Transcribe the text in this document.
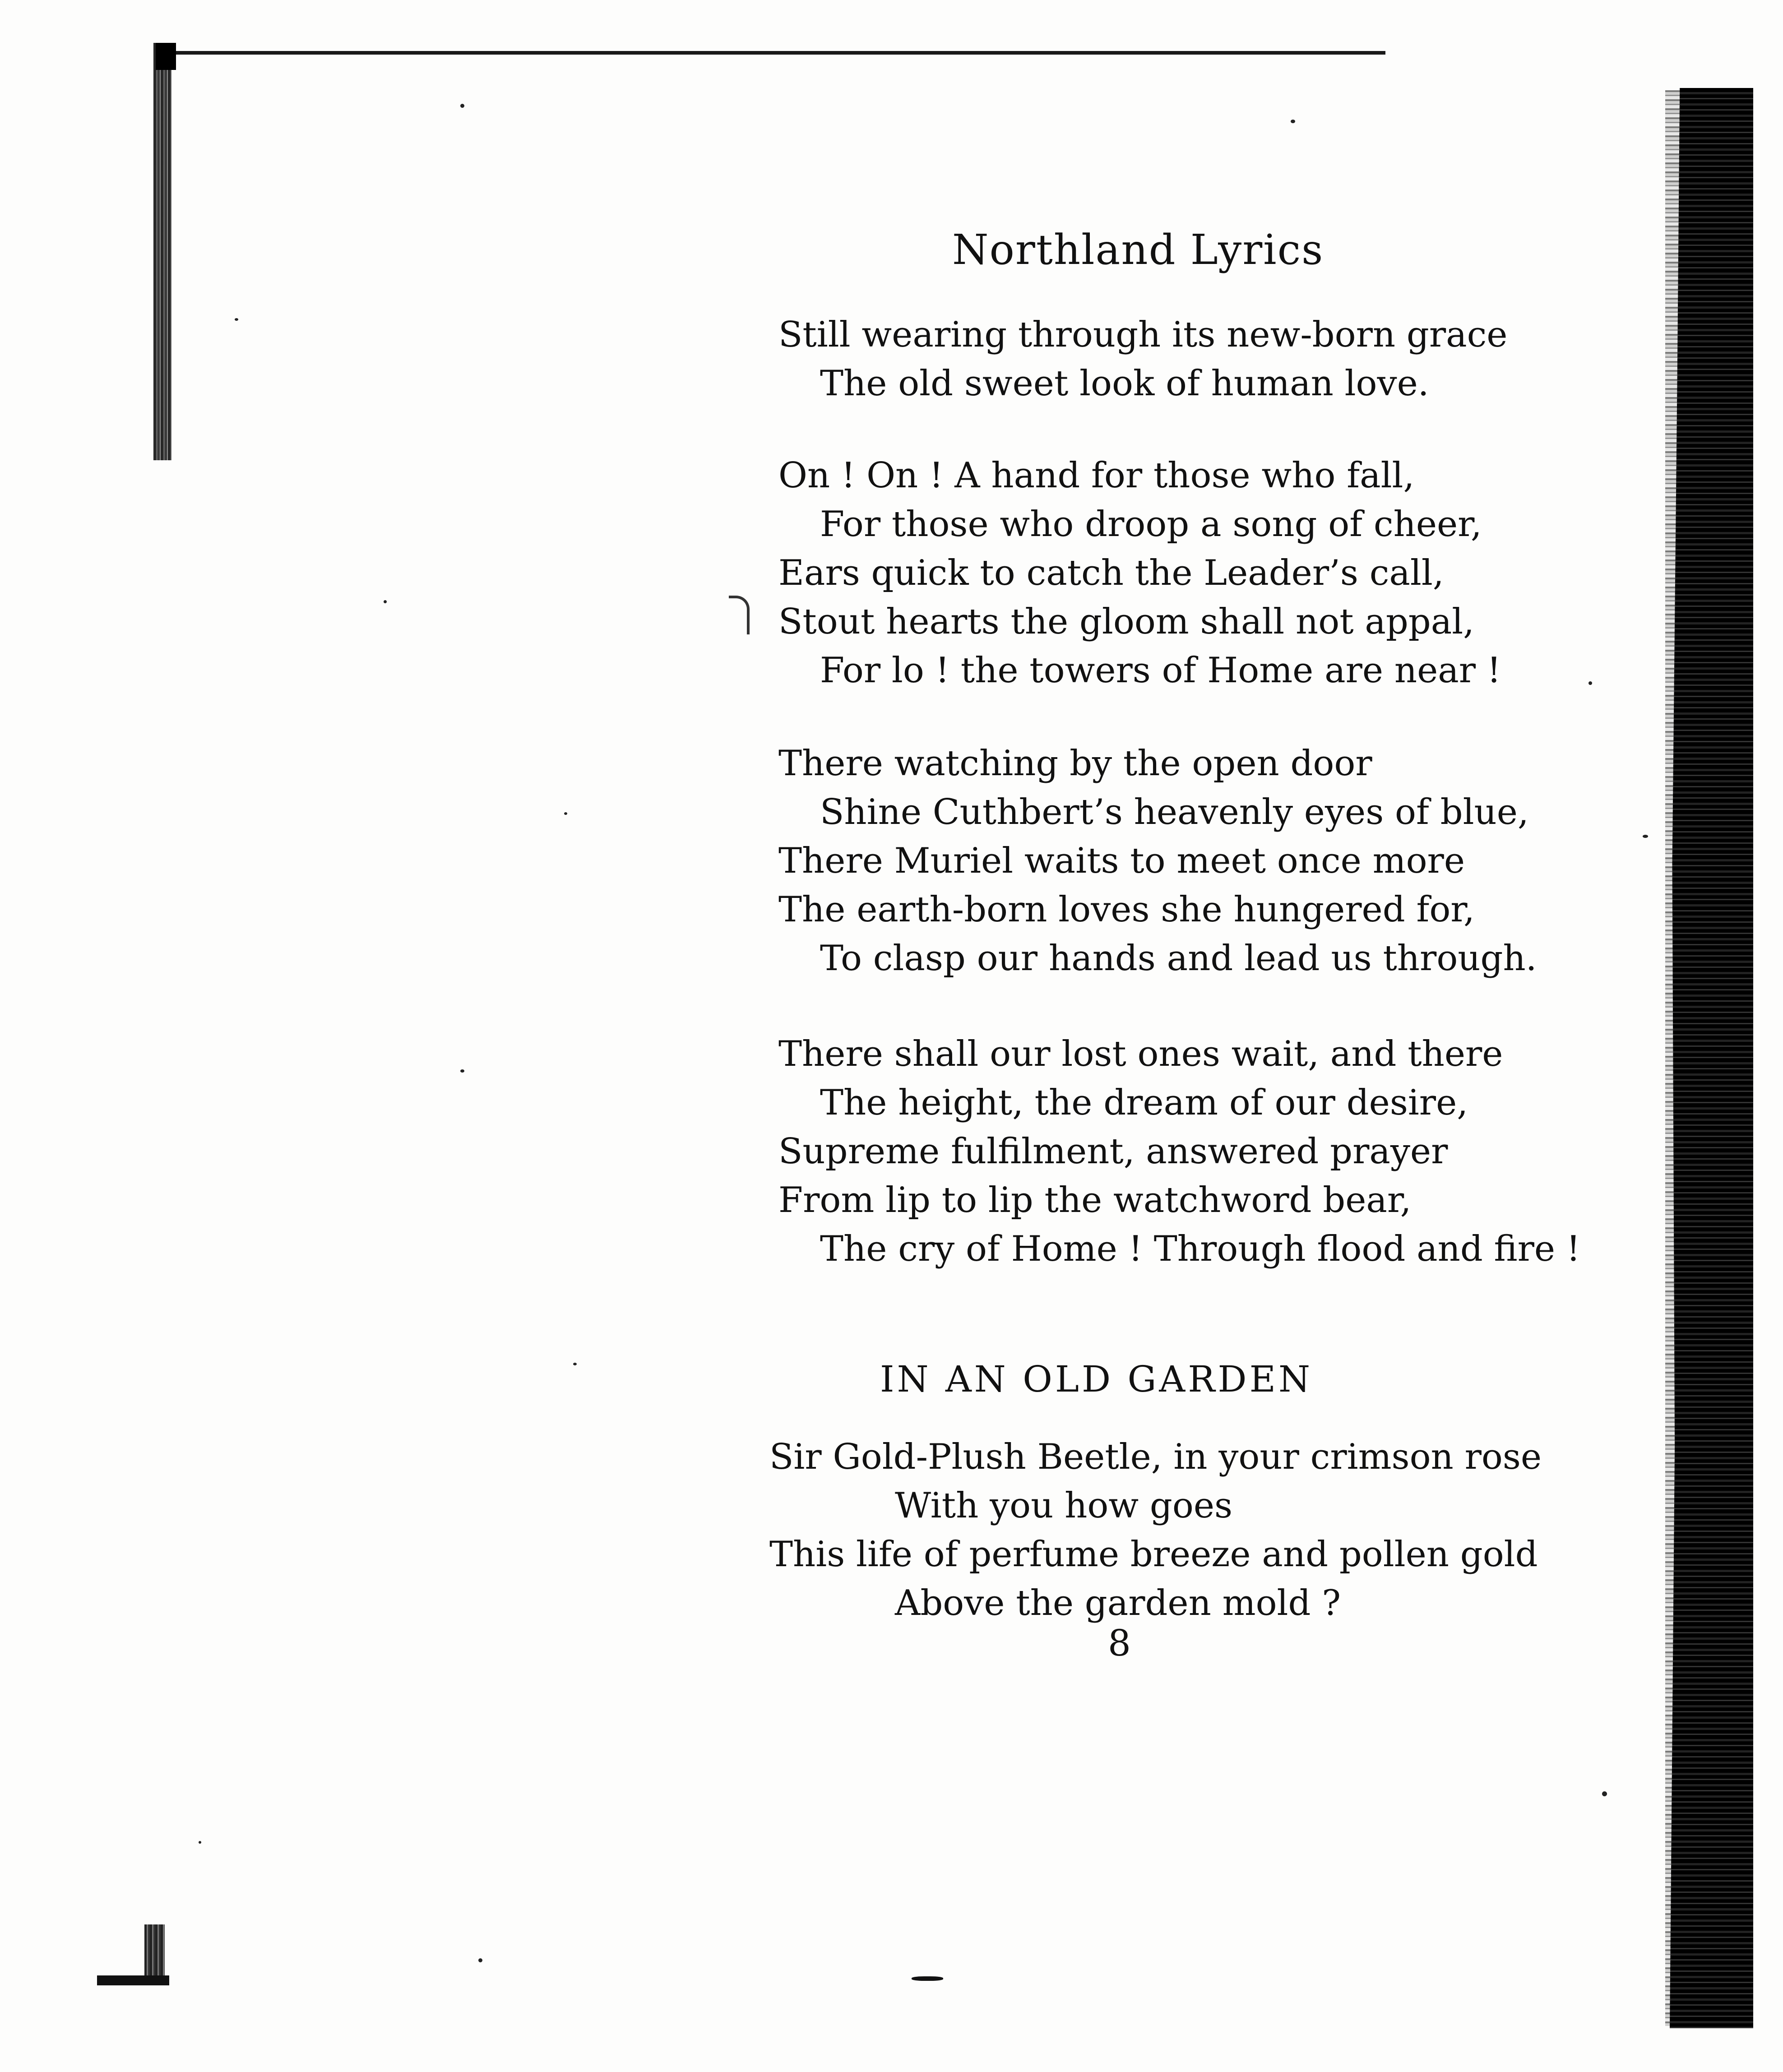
Northland Lyrics
Still wearing through its new-born grace
The old sweet look of human love.
On ! On ! A hand for those who fall,
For those who droop a song of cheer,
Ears quick to catch the Leader’s call,
Stout hearts the gloom shall not appal,
For lo ! the towers of Home are near !
There watching by the open door
Shine Cuthbert’s heavenly eyes of blue,
There Muriel waits to meet once more
The earth-born loves she hungered for,
To clasp our hands and lead us through.
There shall our lost ones wait, and there
The height, the dream of our desire,
Supreme fulfilment, answered prayer
From lip to lip the watchword bear,
The cry of Home ! Through flood and fire !
IN AN OLD GARDEN
Sir Gold-Plush Beetle, in your crimson rose
With you how goes
This life of perfume breeze and pollen gold
Above the garden mold ?

8
